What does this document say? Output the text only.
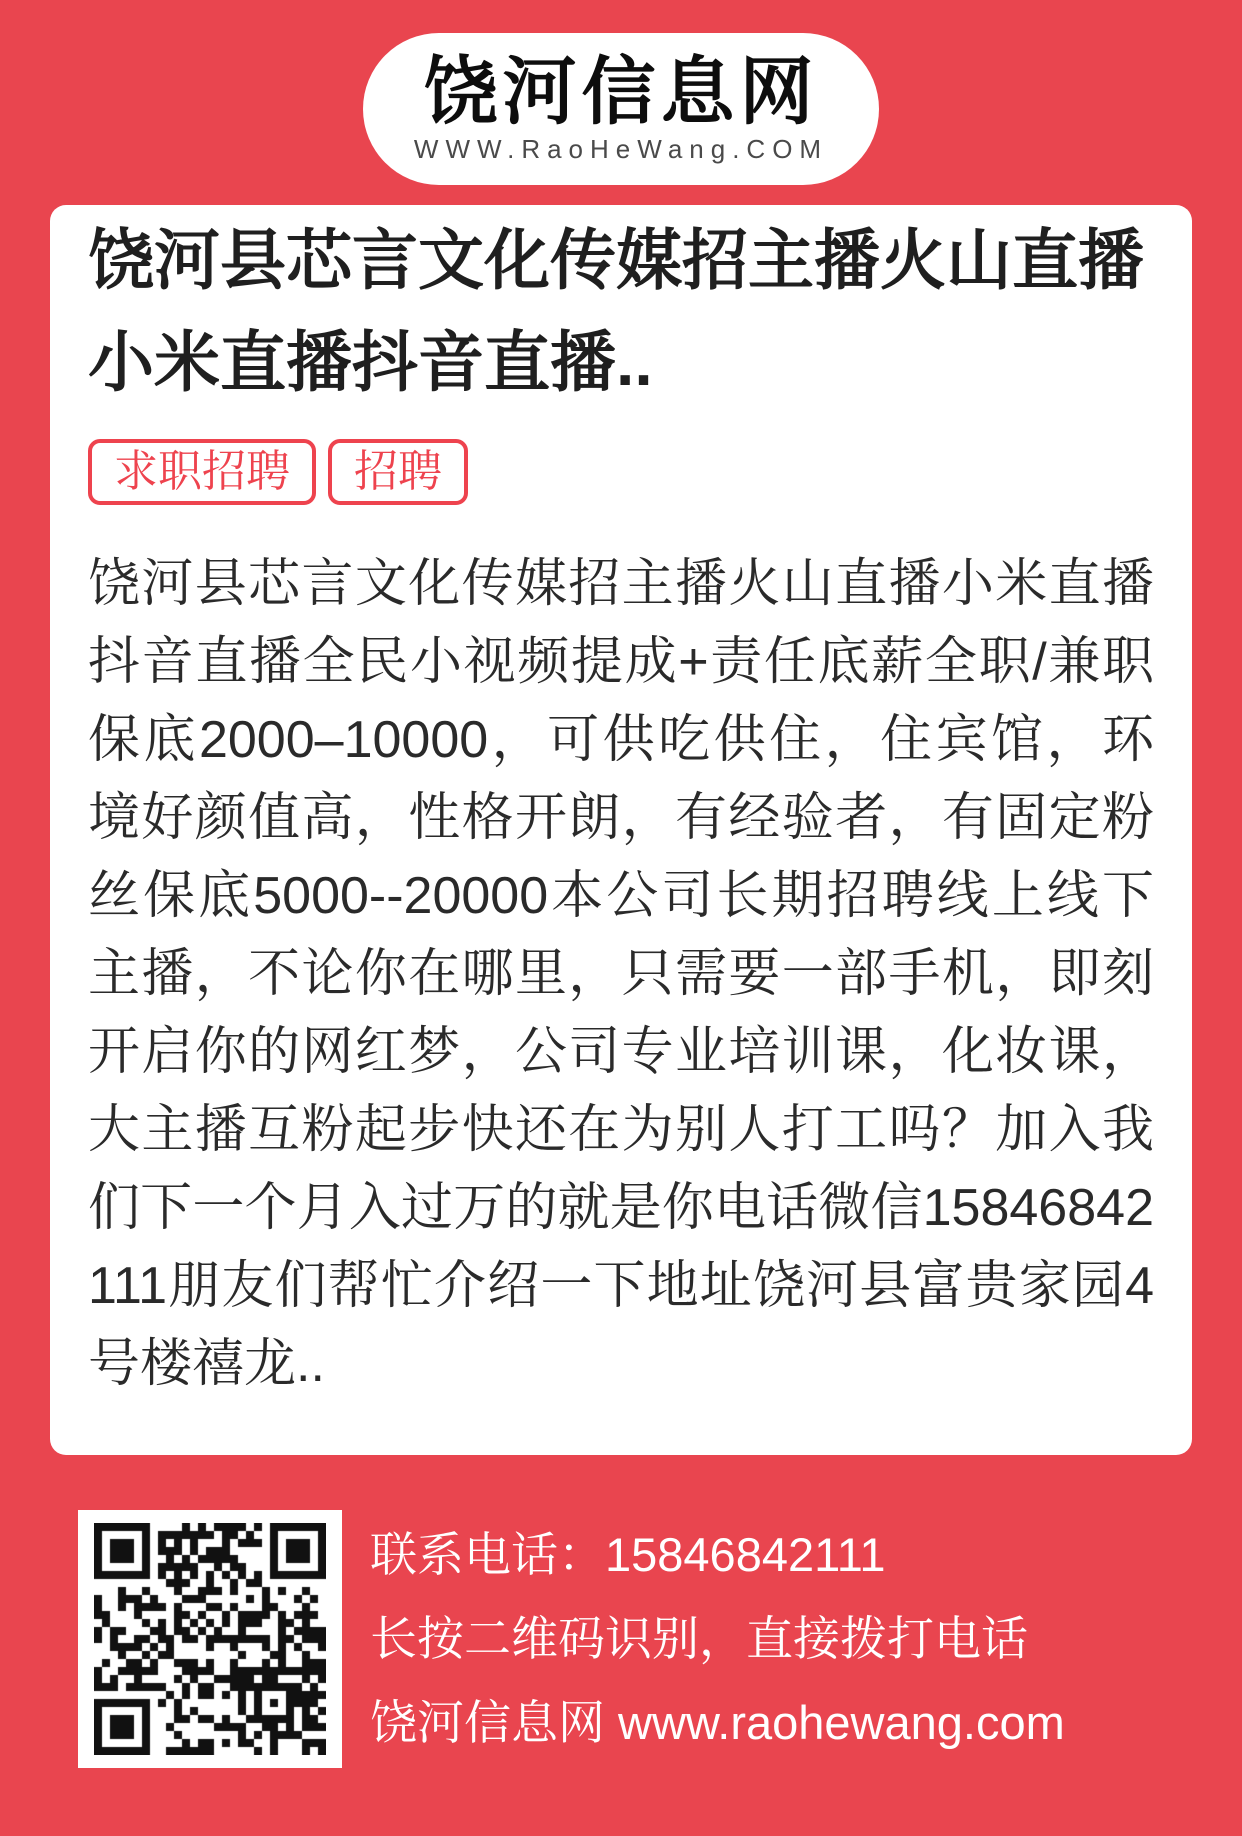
饶河信息网
WWW.RaoHeWang.COM
饶河县芯言文化传媒招主播火山直播小米直播抖音直播..
求职招聘	招聘
饶河县芯言文化传媒招主播火山直播小米直播抖音直播全民小视频提成+责任底薪全职/兼职保底2000–10000，可供吃供住，住宾馆，环境好颜值高，性格开朗，有经验者，有固定粉丝保底5000--20000本公司长期招聘线上线下主播，不论你在哪里，只需要一部手机，即刻开启你的网红梦，公司专业培训课，化妆课，大主播互粉起步快还在为别人打工吗？加入我们下一个月入过万的就是你电话微信15846842111朋友们帮忙介绍一下地址饶河县富贵家园4号楼禧龙..
联系电话：15846842111
长按二维码识别，直接拨打电话
饶河信息网 www.raohewang.com
